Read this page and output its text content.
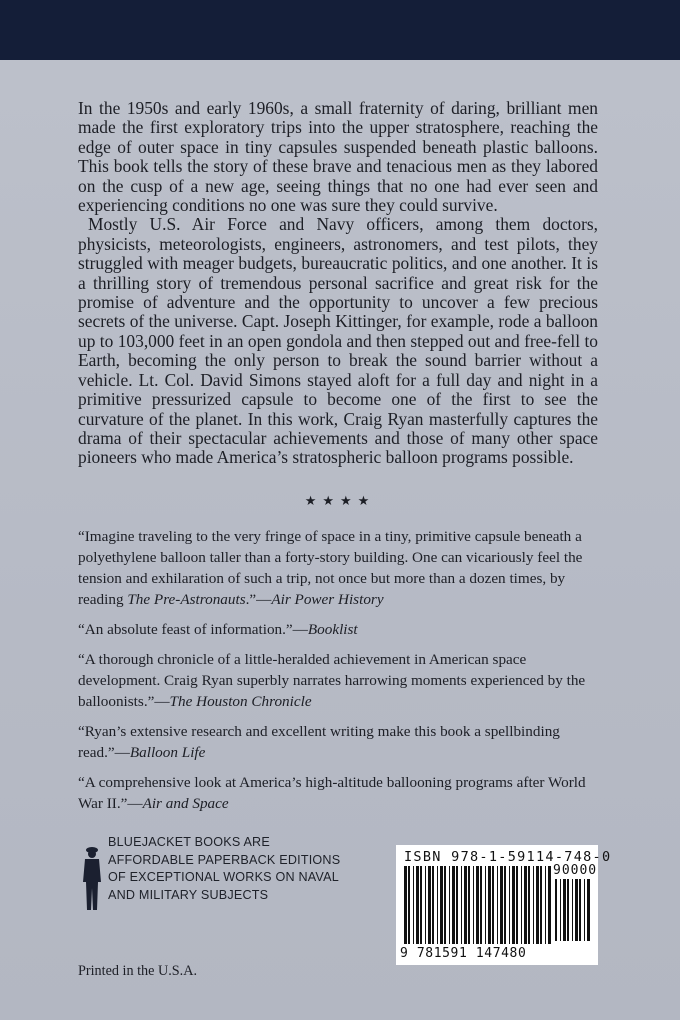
In the 1950s and early 1960s, a small fraternity of daring, brilliant men made the first exploratory trips into the upper stratosphere, reaching the edge of outer space in tiny capsules suspended beneath plastic balloons. This book tells the story of these brave and tenacious men as they labored on the cusp of a new age, seeing things that no one had ever seen and experiencing conditions no one was sure they could survive.

Mostly U.S. Air Force and Navy officers, among them doctors, physicists, meteorologists, engineers, astronomers, and test pilots, they struggled with meager budgets, bureaucratic politics, and one another. It is a thrilling story of tremendous personal sacrifice and great risk for the promise of adventure and the opportunity to uncover a few precious secrets of the universe. Capt. Joseph Kittinger, for example, rode a balloon up to 103,000 feet in an open gondola and then stepped out and free-fell to Earth, becoming the only person to break the sound barrier without a vehicle. Lt. Col. David Simons stayed aloft for a full day and night in a primitive pressurized capsule to become one of the first to see the curvature of the planet. In this work, Craig Ryan masterfully captures the drama of their spectacular achievements and those of many other space pioneers who made America’s stratospheric balloon programs possible.

★★★★

“Imagine traveling to the very fringe of space in a tiny, primitive capsule beneath a polyethylene balloon taller than a forty-story building. One can vicariously feel the tension and exhilaration of such a trip, not once but more than a dozen times, by reading The Pre-Astronauts.”—Air Power History

“An absolute feast of information.”—Booklist

“A thorough chronicle of a little-heralded achievement in American space development. Craig Ryan superbly narrates harrowing moments experienced by the balloonists.”—The Houston Chronicle

“Ryan’s extensive research and excellent writing make this book a spellbinding read.”—Balloon Life

“A comprehensive look at America’s high-altitude ballooning programs after World War II.”—Air and Space

BLUEJACKET BOOKS ARE
AFFORDABLE PAPERBACK EDITIONS
OF EXCEPTIONAL WORKS ON NAVAL
AND MILITARY SUBJECTS
ISBN 978-1-59114-748-0
90000
9 781591 147480
Printed in the U.S.A.
